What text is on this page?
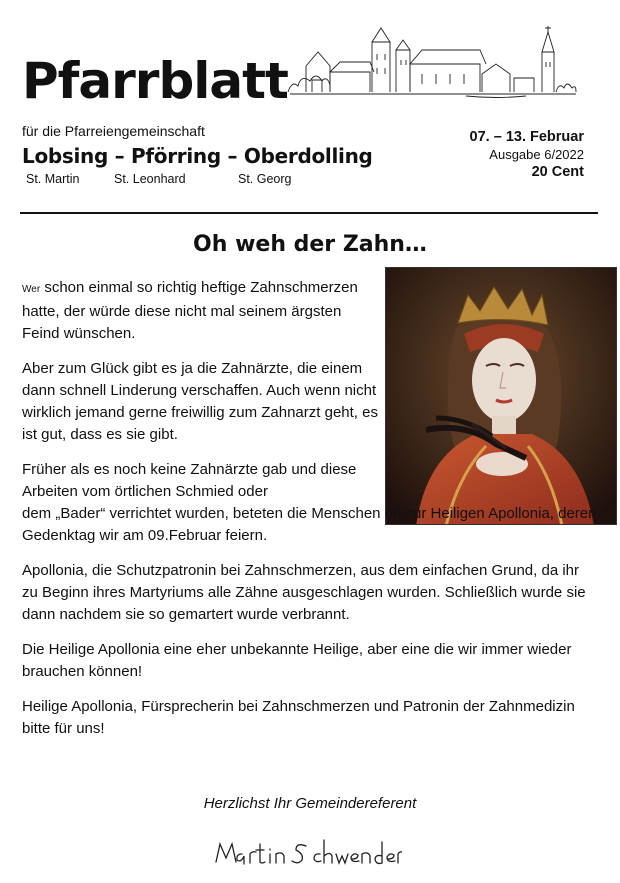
Pfarrblatt
für die Pfarreiengemeinschaft
Lobsing – Pförring – Oberdolling
St. Martin	St. Leonhard	St. Georg
07. – 13. Februar
Ausgabe 6/2022
20 Cent
Oh weh der Zahn…

Wer schon einmal so richtig heftige Zahnschmerzen hatte, der würde diese nicht mal seinem ärgsten Feind wünschen.

Aber zum Glück gibt es ja die Zahnärzte, die einem dann schnell Linderung verschaffen. Auch wenn nicht wirklich jemand gerne freiwillig zum Zahnarzt geht, es ist gut, dass es sie gibt.

Früher als es noch keine Zahnärzte gab und diese Arbeiten vom örtlichen Schmied oder
dem „Bader“ verrichtet wurden, beteten die Menschen oft zur Heiligen Apollonia, deren Gedenktag wir am 09.Februar feiern.

Apollonia, die Schutzpatronin bei Zahnschmerzen, aus dem einfachen Grund, da ihr zu Beginn ihres Martyriums alle Zähne ausgeschlagen wurden. Schließlich wurde sie dann nachdem sie so gemartert wurde verbrannt.

Die Heilige Apollonia eine eher unbekannte Heilige, aber eine die wir immer wieder brauchen können!

Heilige Apollonia, Fürsprecherin bei Zahnschmerzen und Patronin der Zahnmedizin bitte für uns!

Herzlichst Ihr Gemeindereferent
